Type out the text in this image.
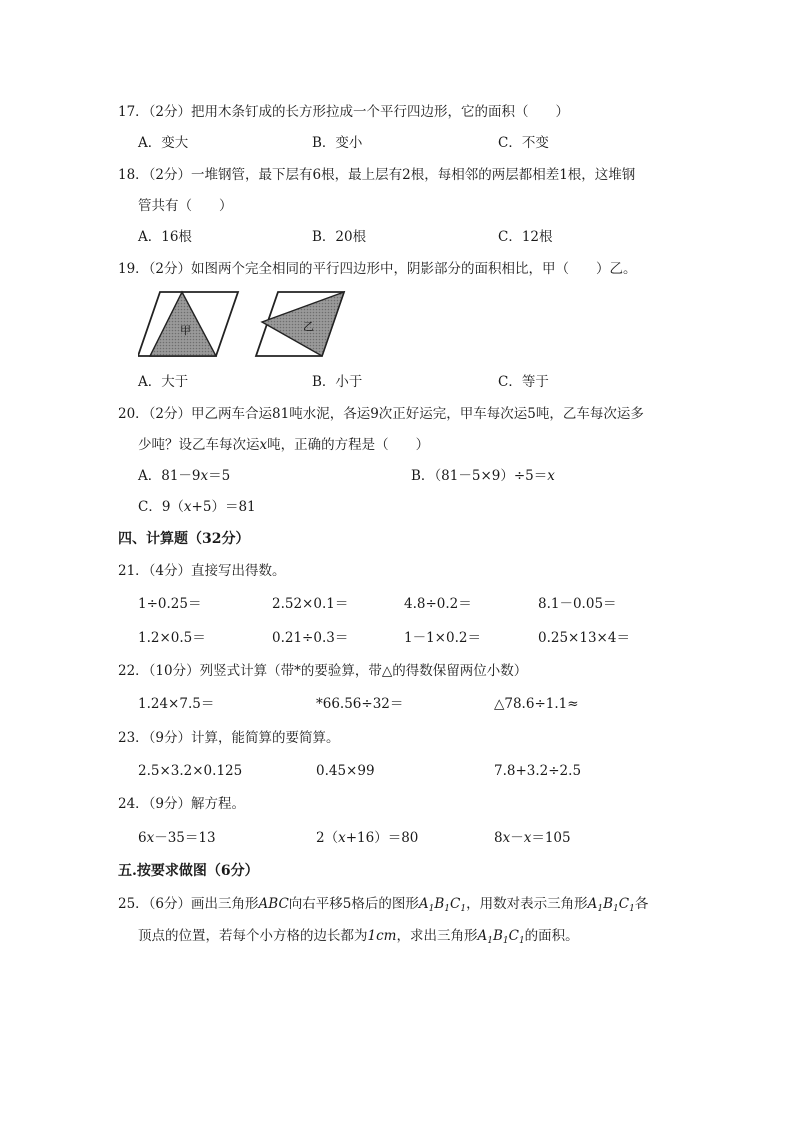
17．（2分）把用木条钉成的长方形拉成一个平行四边形，它的面积（　　）
A．变大	B．变小	C．不变
18．（2分）一堆钢管，最下层有6根，最上层有2根，每相邻的两层都相差1根，这堆钢
管共有（　　）
A．16根	B．20根	C．12根
19．（2分）如图两个完全相同的平行四边形中，阴影部分的面积相比，甲（　　）乙。
甲	乙
A．大于	B．小于	C．等于
20．（2分）甲乙两车合运81吨水泥，各运9次正好运完，甲车每次运5吨，乙车每次运多
少吨？设乙车每次运x吨，正确的方程是（　　）
A．81－9x＝5	B．（81－5×9）÷5＝x
C．9（x+5）＝81
四、计算题（32分）
21．（4分）直接写出得数。
1÷0.25＝	2.52×0.1＝	4.8÷0.2＝	8.1－0.05＝
1.2×0.5＝	0.21÷0.3＝	1－1×0.2＝	0.25×13×4＝
22．（10分）列竖式计算（带*的要验算，带△的得数保留两位小数）
1.24×7.5＝	*66.56÷32＝	△78.6÷1.1≈
23．（9分）计算，能简算的要简算。
2.5×3.2×0.125	0.45×99	7.8+3.2÷2.5
24．（9分）解方程。
6x－35＝13	2（x+16）＝80	8x－x＝105
五.按要求做图（6分）
25．（6分）画出三角形ABC向右平移5格后的图形$A_1B_1C_1$，用数对表示三角形$A_1B_1C_1$各
顶点的位置，若每个小方格的边长都为1cm，求出三角形$A_1B_1C_1$的面积。
